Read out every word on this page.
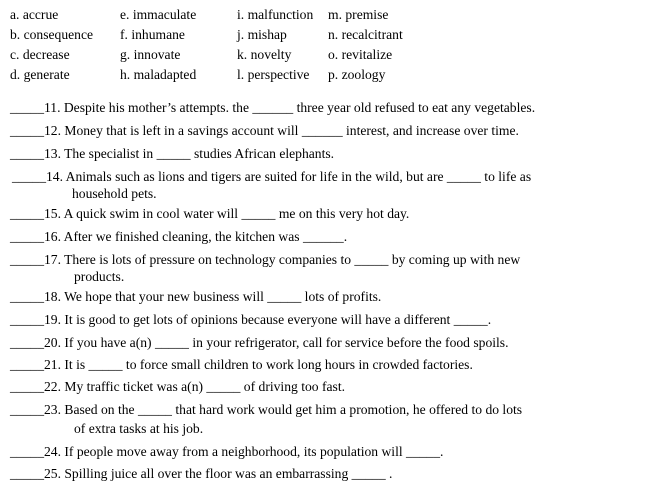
a. accrue
b. consequence
c. decrease
d. generate
e. immaculate
f. inhumane
g. innovate
h. maladapted
i. malfunction
j. mishap
k. novelty
l. perspective
m. premise
n. recalcitrant
o. revitalize
p. zoology
_____11. Despite his mother’s attempts. the ______ three year old refused to eat any vegetables.
_____12. Money that is left in a savings account will ______ interest, and increase over time.
_____13. The specialist in _____ studies African elephants.
_____14. Animals such as lions and tigers are suited for life in the wild, but are _____ to life as
household pets.
_____15. A quick swim in cool water will _____ me on this very hot day.
_____16. After we finished cleaning, the kitchen was ______.
_____17. There is lots of pressure on technology companies to _____ by coming up with new
products.
_____18. We hope that your new business will _____ lots of profits.
_____19. It is good to get lots of opinions because everyone will have a different _____.
_____20. If you have a(n) _____ in your refrigerator, call for service before the food spoils.
_____21. It is _____ to force small children to work long hours in crowded factories.
_____22. My traffic ticket was a(n) _____ of driving too fast.
_____23. Based on the _____ that hard work would get him a promotion, he offered to do lots
of extra tasks at his job.
_____24. If people move away from a neighborhood, its population will _____.
_____25. Spilling juice all over the floor was an embarrassing _____ .
